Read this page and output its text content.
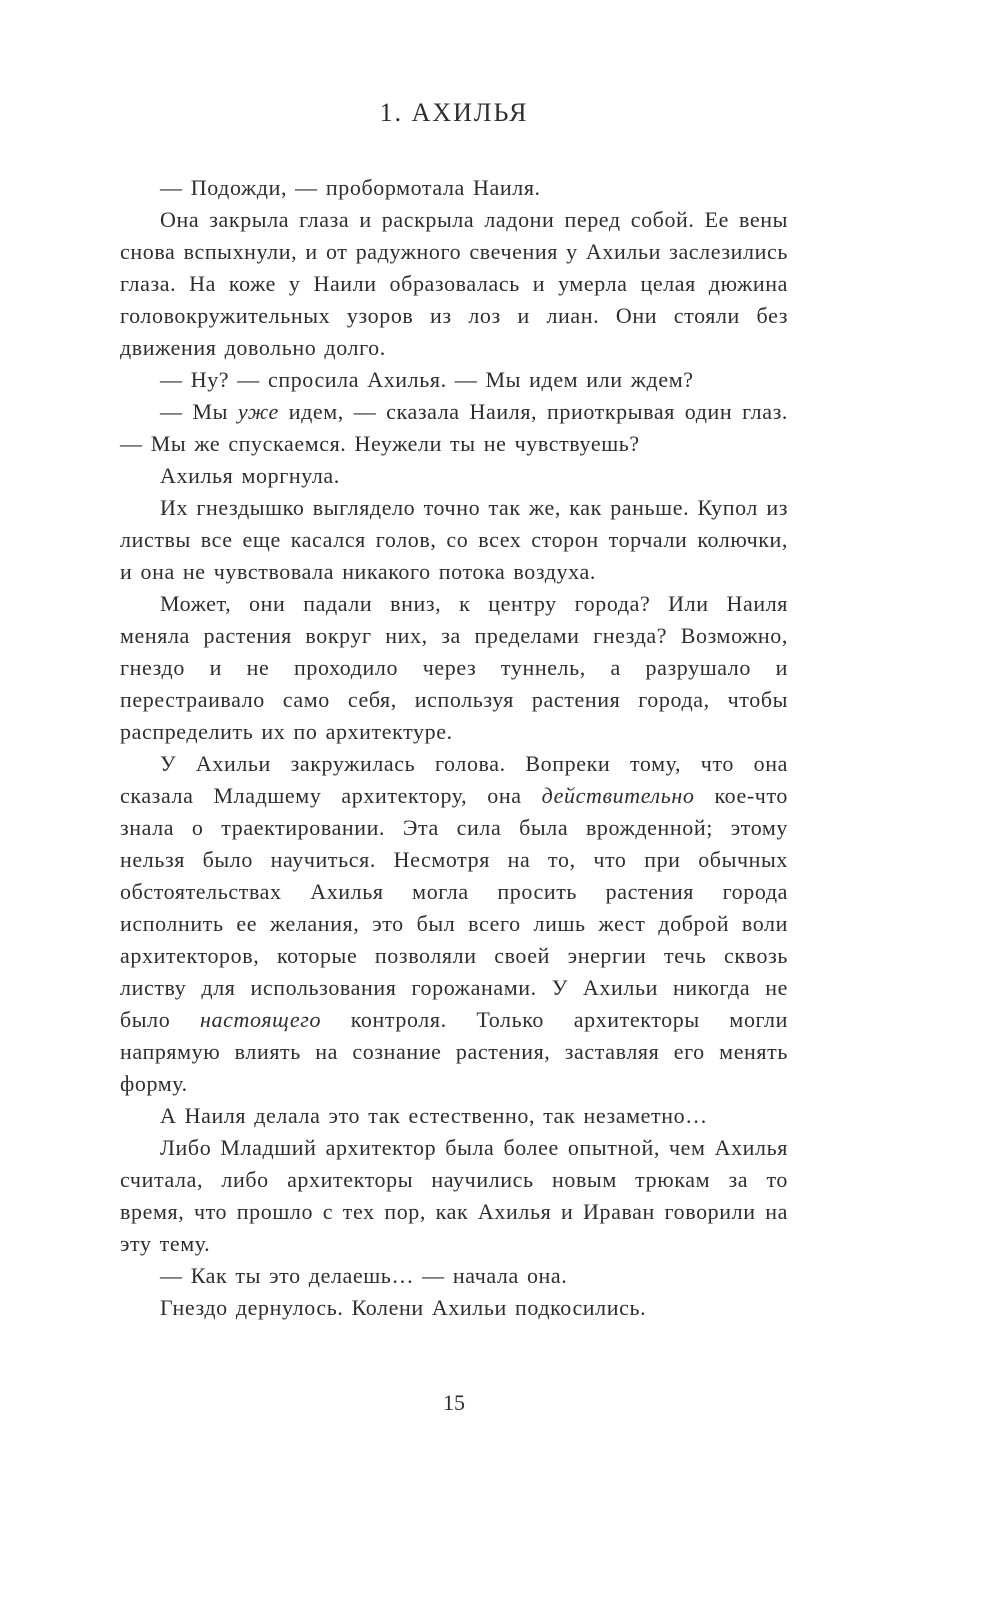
1. АХИЛЬЯ

— Подожди, — пробормотала Наиля.

Она закрыла глаза и раскрыла ладони перед собой. Ее вены снова вспыхнули, и от радужного свечения у Ахильи заслезились глаза. На коже у Наили образовалась и умерла целая дюжина головокружительных узоров из лоз и лиан. Они стояли без движения довольно долго.

— Ну? — спросила Ахилья. — Мы идем или ждем?

— Мы уже идем, — сказала Наиля, приоткрывая один глаз. — Мы же спускаемся. Неужели ты не чувствуешь?

Ахилья моргнула.

Их гнездышко выглядело точно так же, как раньше. Купол из листвы все еще касался голов, со всех сторон торчали колючки, и она не чувствовала никакого потока воздуха.

Может, они падали вниз, к центру города? Или Наиля меняла растения вокруг них, за пределами гнезда? Возможно, гнездо и не проходило через туннель, а разрушало и перестраивало само себя, используя растения города, чтобы распределить их по архитектуре.

У Ахильи закружилась голова. Вопреки тому, что она сказала Младшему архитектору, она действительно кое-что знала о траектировании. Эта сила была врожденной; этому нельзя было научиться. Несмотря на то, что при обычных обстоятельствах Ахилья могла просить растения города исполнить ее желания, это был всего лишь жест доброй воли архитекторов, которые позволяли своей энергии течь сквозь листву для использования горожанами. У Ахильи никогда не было настоящего контроля. Только архитекторы могли напрямую влиять на сознание растения, заставляя его менять форму.

А Наиля делала это так естественно, так незаметно…

Либо Младший архитектор была более опытной, чем Ахилья считала, либо архитекторы научились новым трюкам за то время, что прошло с тех пор, как Ахилья и Ираван говорили на эту тему.

— Как ты это делаешь… — начала она.

Гнездо дернулось. Колени Ахильи подкосились.

15
